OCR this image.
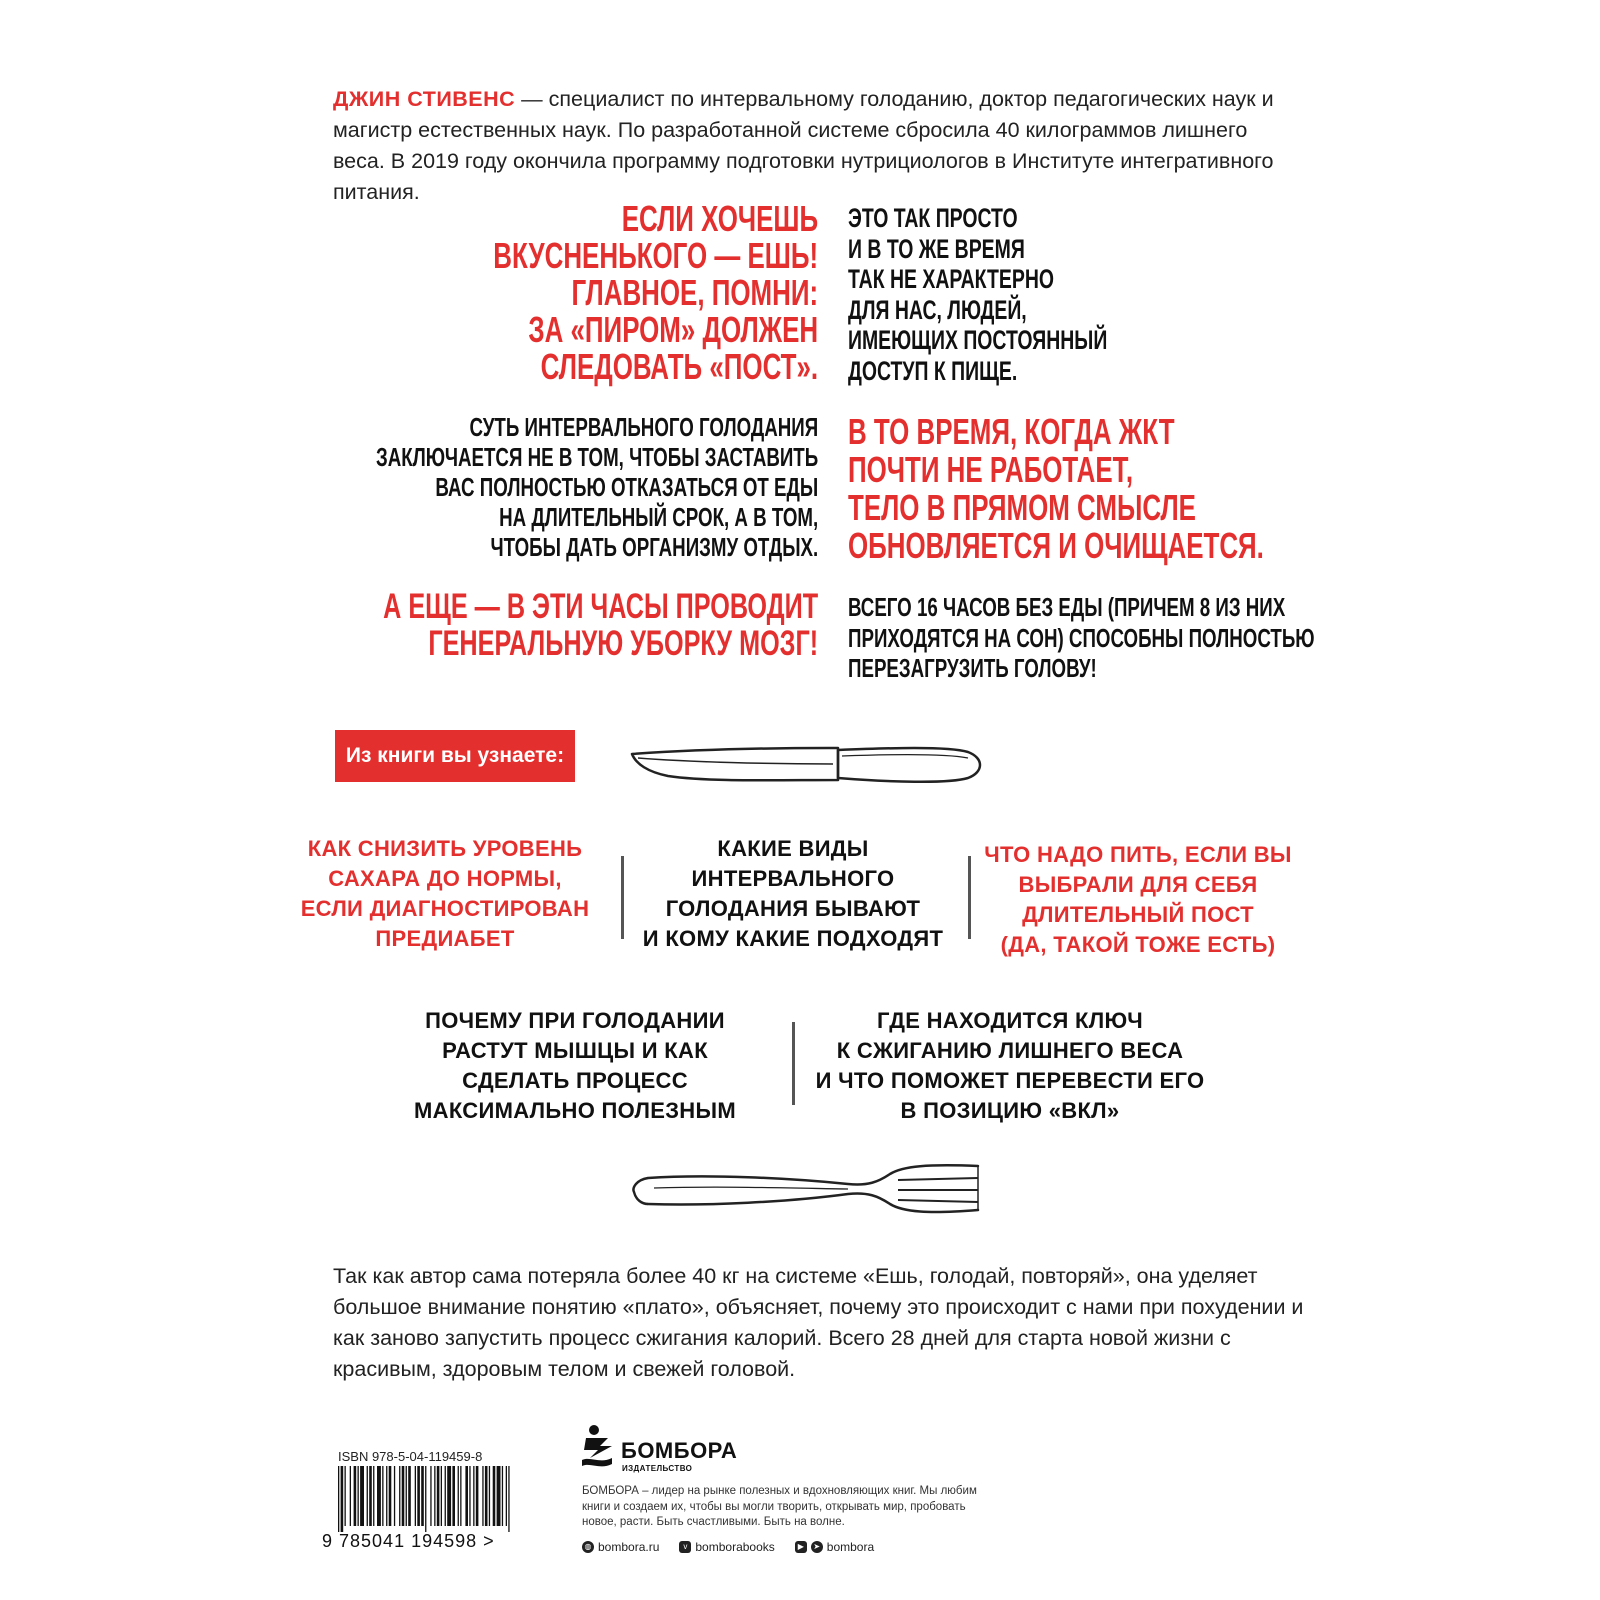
ДЖИН СТИВЕНС — специалист по интервальному голоданию, доктор педагогических наук и магистр естественных наук. По разработанной системе сбросила 40 килограммов лишнего веса. В 2019 году окончила программу подготовки нутрициологов в Институте интегративного питания.

ЕСЛИ ХОЧЕШЬ
ВКУСНЕНЬКОГО — ЕШЬ!
ГЛАВНОЕ, ПОМНИ:
ЗА «ПИРОМ» ДОЛЖЕН
СЛЕДОВАТЬ «ПОСТ».
ЭТО ТАК ПРОСТО
И В ТО ЖЕ ВРЕМЯ
ТАК НЕ ХАРАКТЕРНО
ДЛЯ НАС, ЛЮДЕЙ,
ИМЕЮЩИХ ПОСТОЯННЫЙ
ДОСТУП К ПИЩЕ.
СУТЬ ИНТЕРВАЛЬНОГО ГОЛОДАНИЯ
ЗАКЛЮЧАЕТСЯ НЕ В ТОМ, ЧТОБЫ ЗАСТАВИТЬ
ВАС ПОЛНОСТЬЮ ОТКАЗАТЬСЯ ОТ ЕДЫ
НА ДЛИТЕЛЬНЫЙ СРОК, А В ТОМ,
ЧТОБЫ ДАТЬ ОРГАНИЗМУ ОТДЫХ.
В ТО ВРЕМЯ, КОГДА ЖКТ
ПОЧТИ НЕ РАБОТАЕТ,
ТЕЛО В ПРЯМОМ СМЫСЛЕ
ОБНОВЛЯЕТСЯ И ОЧИЩАЕТСЯ.
А ЕЩЕ — В ЭТИ ЧАСЫ ПРОВОДИТ
ГЕНЕРАЛЬНУЮ УБОРКУ МОЗГ!
ВСЕГО 16 ЧАСОВ БЕЗ ЕДЫ (ПРИЧЕМ 8 ИЗ НИХ
ПРИХОДЯТСЯ НА СОН) СПОСОБНЫ ПОЛНОСТЬЮ
ПЕРЕЗАГРУЗИТЬ ГОЛОВУ!
Из книги вы узнаете:
КАК СНИЗИТЬ УРОВЕНЬ
САХАРА ДО НОРМЫ,
ЕСЛИ ДИАГНОСТИРОВАН
ПРЕДИАБЕТ
КАКИЕ ВИДЫ
ИНТЕРВАЛЬНОГО
ГОЛОДАНИЯ БЫВАЮТ
И КОМУ КАКИЕ ПОДХОДЯТ
ЧТО НАДО ПИТЬ, ЕСЛИ ВЫ
ВЫБРАЛИ ДЛЯ СЕБЯ
ДЛИТЕЛЬНЫЙ ПОСТ
(ДА, ТАКОЙ ТОЖЕ ЕСТЬ)
ПОЧЕМУ ПРИ ГОЛОДАНИИ
РАСТУТ МЫШЦЫ И КАК
СДЕЛАТЬ ПРОЦЕСС
МАКСИМАЛЬНО ПОЛЕЗНЫМ
ГДЕ НАХОДИТСЯ КЛЮЧ
К СЖИГАНИЮ ЛИШНЕГО ВЕСА
И ЧТО ПОМОЖЕТ ПЕРЕВЕСТИ ЕГО
В ПОЗИЦИЮ «ВКЛ»

Так как автор сама потеряла более 40 кг на системе «Ешь, голодай, повторяй», она уделяет большое внимание понятию «плато», объясняет, почему это происходит с нами при похудении и как заново запустить процесс сжигания калорий. Всего 28 дней для старта новой жизни с красивым, здоровым телом и свежей головой.

ISBN 978-5-04-119459-8
9 785041 194598 >
БОМБОРА
ИЗДАТЕЛЬСТВО
БОМБОРА – лидер на рынке полезных и вдохновляющих книг. Мы любим книги и создаем их, чтобы вы могли творить, открывать мир, пробовать новое, расти. Быть счастливыми. Быть на волне.
◍ bombora.ru	v bomborabooks	▶	➤ bombora
